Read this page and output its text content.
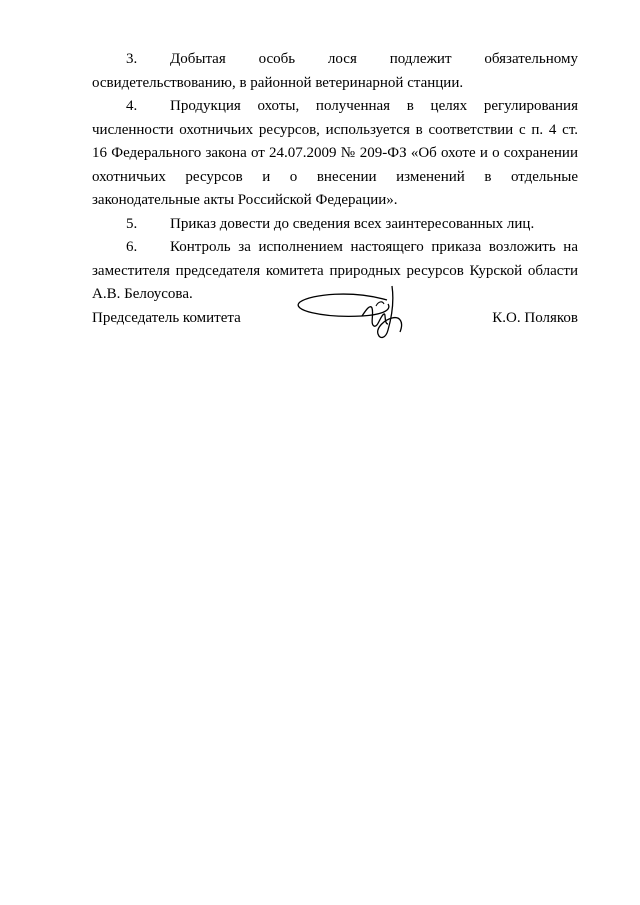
3. Добытая особь лося подлежит обязательному освидетельствованию, в районной ветеринарной станции.

4. Продукция охоты, полученная в целях регулирования численности охотничьих ресурсов, используется в соответствии с п. 4 ст. 16 Федерального закона от 24.07.2009 № 209-ФЗ «Об охоте и о сохранении охотничьих ресурсов и о внесении изменений в отдельные законодательные акты Российской Федерации».

5. Приказ довести до сведения всех заинтересованных лиц.

6. Контроль за исполнением настоящего приказа возложить на заместителя председателя комитета природных ресурсов Курской области А.В. Белоусова.

Председатель комитета	К.О. Поляков
